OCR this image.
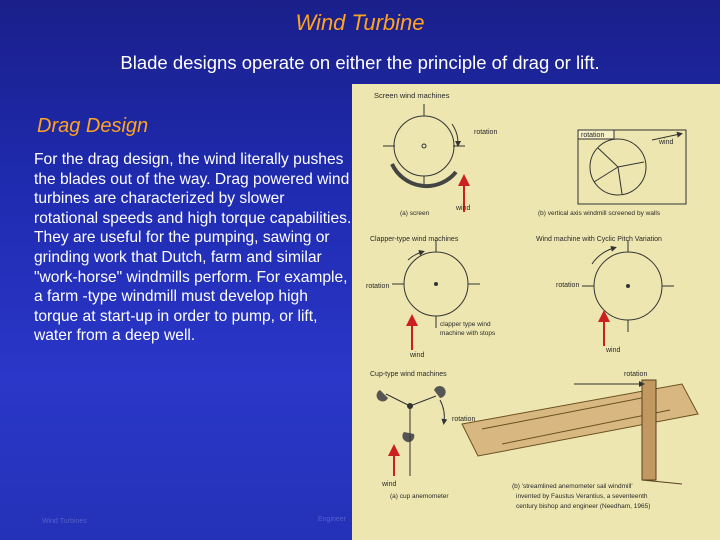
Wind Turbine
Blade designs operate on either the principle of drag or lift.
Drag Design
For the drag design, the wind literally pushes the blades out of the way. Drag powered wind turbines are characterized by slower rotational speeds and high torque capabilities. They are useful for the pumping, sawing or grinding work that Dutch, farm and similar "work-horse" windmills perform. For example, a farm -type windmill must develop high torque at start-up in order to pump, or lift, water from a deep well.
Wind Turbines	Engineer
Screen wind machines
rotation
wind
(a) screen
rotation
wind
(b) vertical axis windmill screened by walls
Clapper-type wind machines
rotation
clapper type wind
machine with stops
wind
Wind machine with Cyclic Pitch Variation
rotation
wind
Cup-type wind machines
rotation
wind
(a) cup anemometer
rotation
(b) 'streamlined anemometer sail windmill'
invented by Faustus Verantius, a seventeenth
century bishop and engineer (Needham, 1965)
